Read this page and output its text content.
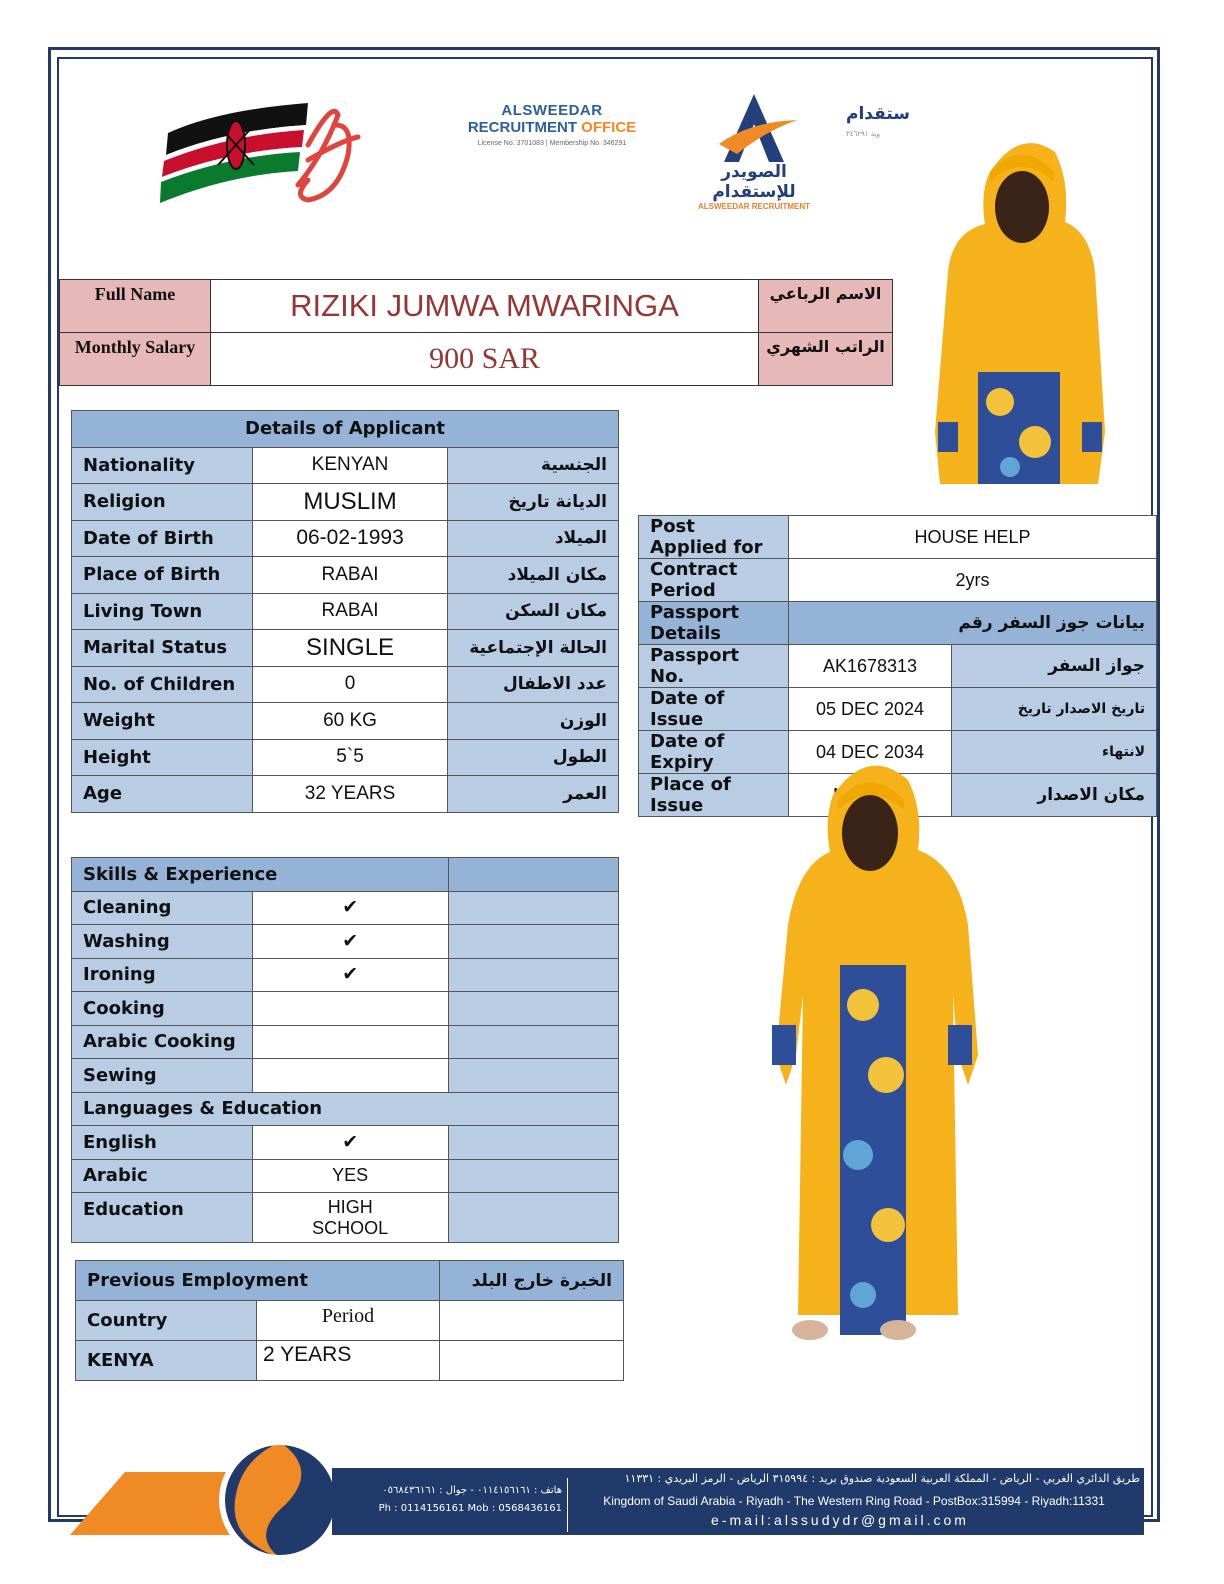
ALSWEEDAR
RECRUITMENT OFFICE
License No. 3701083 | Membership No. 346291
الصويدر للإستقدام
ALSWEEDAR RECRUITMENT
ستقدام
وية ٣٤٦٢٩١
Full Name	RIZIKI JUMWA MWARINGA	الاسم الرباعي
Monthly Salary	900 SAR	الراتب الشهري
Details of Applicant		
Nationality	KENYAN	الجنسية
Religion	MUSLIM	الديانة تاريخ
Date of Birth	06-02-1993	الميلاد
Place of Birth	RABAI	مكان الميلاد
Living Town	RABAI	مكان السكن
Marital Status	SINGLE	الحالة الإجتماعية
No. of Children	0	عدد الاطفال
Weight	60 KG	الوزن
Height	5`5	الطول
Age	32 YEARS	العمر
Post Applied for	HOUSE HELP	
Contract Period	2yrs	
Passport Details	بيانات جوز السفر رقم	
Passport No.	AK1678313	جواز السفر
Date of Issue	05 DEC 2024	تاريخ الاصدار تاريخ
Date of Expiry	04 DEC 2034	لانتهاء
Place of Issue		مكان الاصدار
Skills & Experience		
Cleaning	✔	
Washing	✔	
Ironing	✔	
Cooking		
Arabic Cooking		
Sewing		
Languages & Education		
English	✔	
Arabic	YES	
Education	HIGH SCHOOL	
Previous Employment		الخبرة خارج البلد
Country	Period	
KENYA	2 YEARS	
هاتف : ٠١١٤١٥٦١٦١ - جوال : ٠٥٦٨٤٣٦١٦١
Ph : 0114156161 Mob : 0568436161
طريق الدائري الغربي - الرياض - المملكة العربية السعودية صندوق بريد : ٣١٥٩٩٤ الرياض - الرمز البريدي : ١١٣٣١
Kingdom of Saudi Arabia - Riyadh - The Western Ring Road - PostBox:315994 - Riyadh:11331
e-mail:alssudydr@gmail.com
